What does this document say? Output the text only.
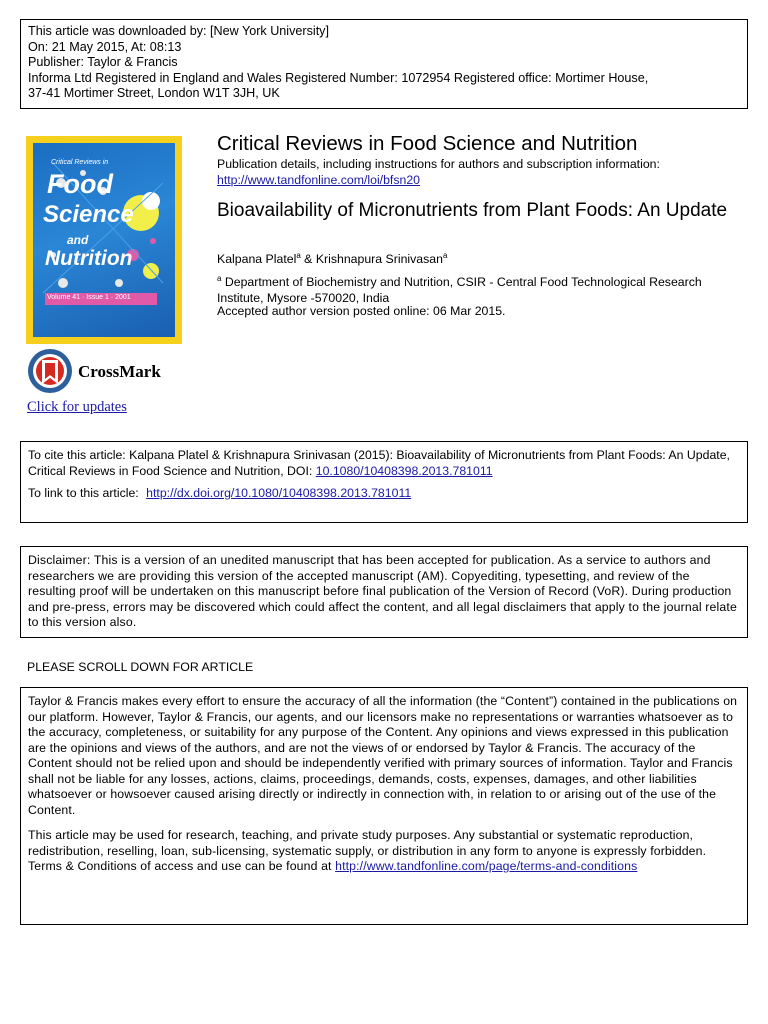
This article was downloaded by: [New York University]
On: 21 May 2015, At: 08:13
Publisher: Taylor & Francis
Informa Ltd Registered in England and Wales Registered Number: 1072954 Registered office: Mortimer House,
37-41 Mortimer Street, London W1T 3JH, UK
Critical Reviews in
Food
Science
and
Nutrition
Volume 41 · Issue 1 · 2001
Critical Reviews in Food Science and Nutrition
Publication details, including instructions for authors and subscription information:
http://www.tandfonline.com/loi/bfsn20
Bioavailability of Micronutrients from Plant Foods: An Update
Kalpana Platel$^a$ & Krishnapura Srinivasan$^a$
$^a$ Department of Biochemistry and Nutrition, CSIR - Central Food Technological Research Institute, Mysore -570020, India
Accepted author version posted online: 06 Mar 2015.
CrossMark
Click for updates

To cite this article: Kalpana Platel & Krishnapura Srinivasan (2015): Bioavailability of Micronutrients from Plant Foods: An Update, Critical Reviews in Food Science and Nutrition, DOI: 10.1080/10408398.2013.781011

To link to this article: http://dx.doi.org/10.1080/10408398.2013.781011

Disclaimer: This is a version of an unedited manuscript that has been accepted for publication. As a service to authors and researchers we are providing this version of the accepted manuscript (AM). Copyediting, typesetting, and review of the resulting proof will be undertaken on this manuscript before final publication of the Version of Record (VoR). During production and pre-press, errors may be discovered which could affect the content, and all legal disclaimers that apply to the journal relate to this version also.

PLEASE SCROLL DOWN FOR ARTICLE

Taylor & Francis makes every effort to ensure the accuracy of all the information (the “Content”) contained in the publications on our platform. However, Taylor & Francis, our agents, and our licensors make no representations or warranties whatsoever as to the accuracy, completeness, or suitability for any purpose of the Content. Any opinions and views expressed in this publication are the opinions and views of the authors, and are not the views of or endorsed by Taylor & Francis. The accuracy of the Content should not be relied upon and should be independently verified with primary sources of information. Taylor and Francis shall not be liable for any losses, actions, claims, proceedings, demands, costs, expenses, damages, and other liabilities whatsoever or howsoever caused arising directly or indirectly in connection with, in relation to or arising out of the use of the Content.

This article may be used for research, teaching, and private study purposes. Any substantial or systematic reproduction, redistribution, reselling, loan, sub-licensing, systematic supply, or distribution in any form to anyone is expressly forbidden. Terms & Conditions of access and use can be found at http://www.tandfonline.com/page/terms-and-conditions
